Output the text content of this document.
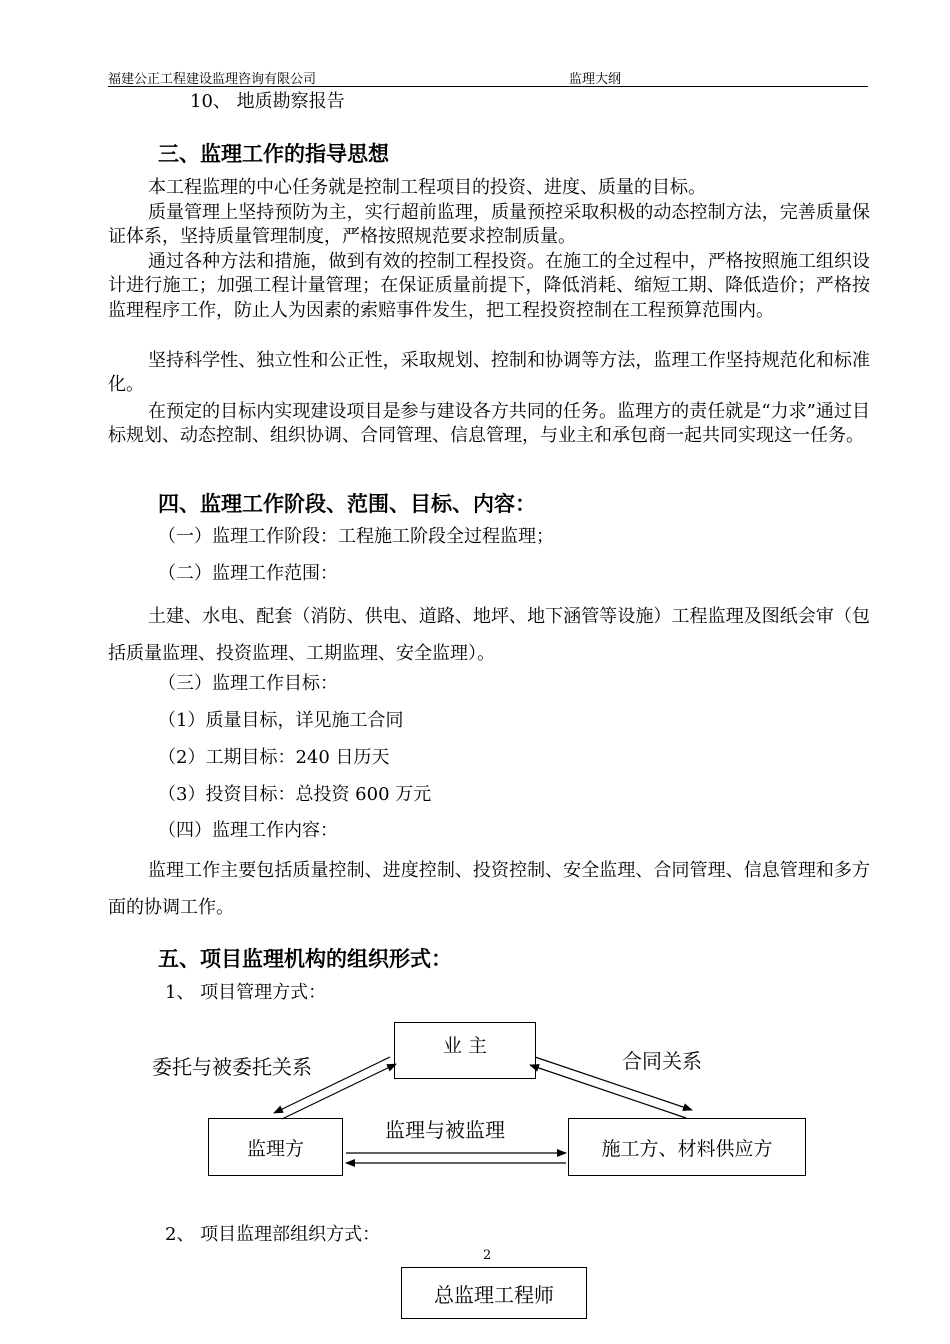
福建公正工程建设监理咨询有限公司	监理大纲
10、 地质勘察报告
三、监理工作的指导思想
本工程监理的中心任务就是控制工程项目的投资、进度、质量的目标。
质量管理上坚持预防为主，实行超前监理，质量预控采取积极的动态控制方法，完善质量保证体系，坚持质量管理制度，严格按照规范要求控制质量。
通过各种方法和措施，做到有效的控制工程投资。在施工的全过程中，严格按照施工组织设计进行施工；加强工程计量管理；在保证质量前提下，降低消耗、缩短工期、降低造价；严格按监理程序工作，防止人为因素的索赔事件发生，把工程投资控制在工程预算范围内。
坚持科学性、独立性和公正性，采取规划、控制和协调等方法，监理工作坚持规范化和标准化。
在预定的目标内实现建设项目是参与建设各方共同的任务。监理方的责任就是“力求”通过目标规划、动态控制、组织协调、合同管理、信息管理，与业主和承包商一起共同实现这一任务。
四、监理工作阶段、范围、目标、内容：
（一）监理工作阶段：工程施工阶段全过程监理；
（二）监理工作范围：
土建、水电、配套（消防、供电、道路、地坪、地下涵管等设施）工程监理及图纸会审（包括质量监理、投资监理、工期监理、安全监理）。
（三）监理工作目标：
（1）质量目标，详见施工合同
（2）工期目标：240 日历天
（3）投资目标：总投资 600 万元
（四）监理工作内容：
监理工作主要包括质量控制、进度控制、投资控制、安全监理、合同管理、信息管理和多方面的协调工作。
五、项目监理机构的组织形式：
1、 项目管理方式：
业 主
监理方	施工方、材料供应方
委托与被委托关系	合同关系
监理与被监理
2、 项目监理部组织方式：
2
总监理工程师
